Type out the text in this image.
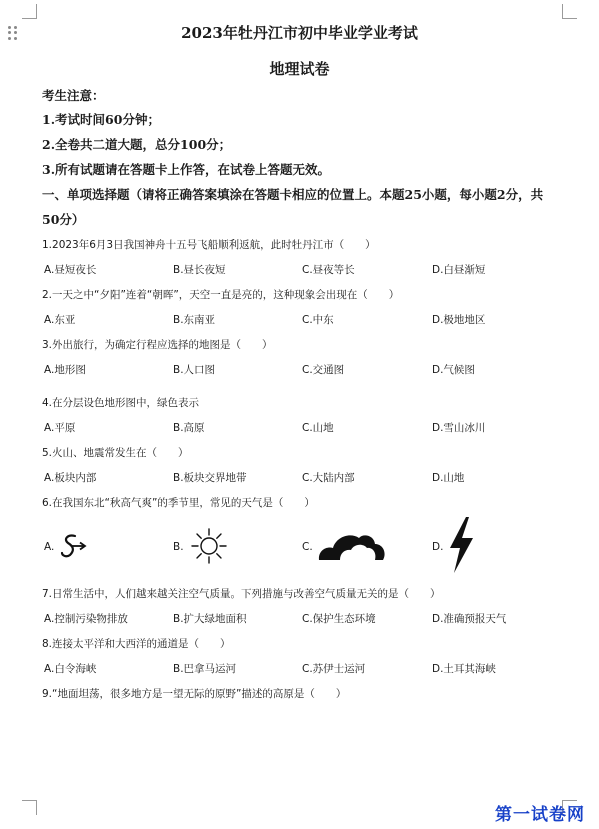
2023年牡丹江市初中毕业学业考试
地理试卷
考生注意：
1.考试时间60分钟；
2.全卷共二道大题，总分100分；
3.所有试题请在答题卡上作答，在试卷上答题无效。
一、单项选择题（请将正确答案填涂在答题卡相应的位置上。本题25小题，每小题2分，共
50分）
1.2023年6月3日我国神舟十五号飞船顺利返航，此时牡丹江市（　　）
A.昼短夜长	B.昼长夜短	C.昼夜等长	D.白昼渐短
2.一天之中“夕阳”连着“朝晖”，天空一直是亮的，这种现象会出现在（　　）
A.东亚	B.东南亚	C.中东	D.极地地区
3.外出旅行，为确定行程应选择的地图是（　　）
A.地形图	B.人口图	C.交通图	D.气候图
4.在分层设色地形图中，绿色表示
A.平原	B.高原	C.山地	D.雪山冰川
5.火山、地震常发生在（　　）
A.板块内部	B.板块交界地带	C.大陆内部	D.山地
6.在我国东北“秋高气爽”的季节里，常见的天气是（　　）
A.	B.	C.	D.
7.日常生活中，人们越来越关注空气质量。下列措施与改善空气质量无关的是（　　）
A.控制污染物排放	B.扩大绿地面积	C.保护生态环境	D.准确预报天气
8.连接太平洋和大西洋的通道是（　　）
A.白令海峡	B.巴拿马运河	C.苏伊士运河	D.土耳其海峡
9.“地面坦荡，很多地方是一望无际的原野”描述的高原是（　　）
第一试卷网
